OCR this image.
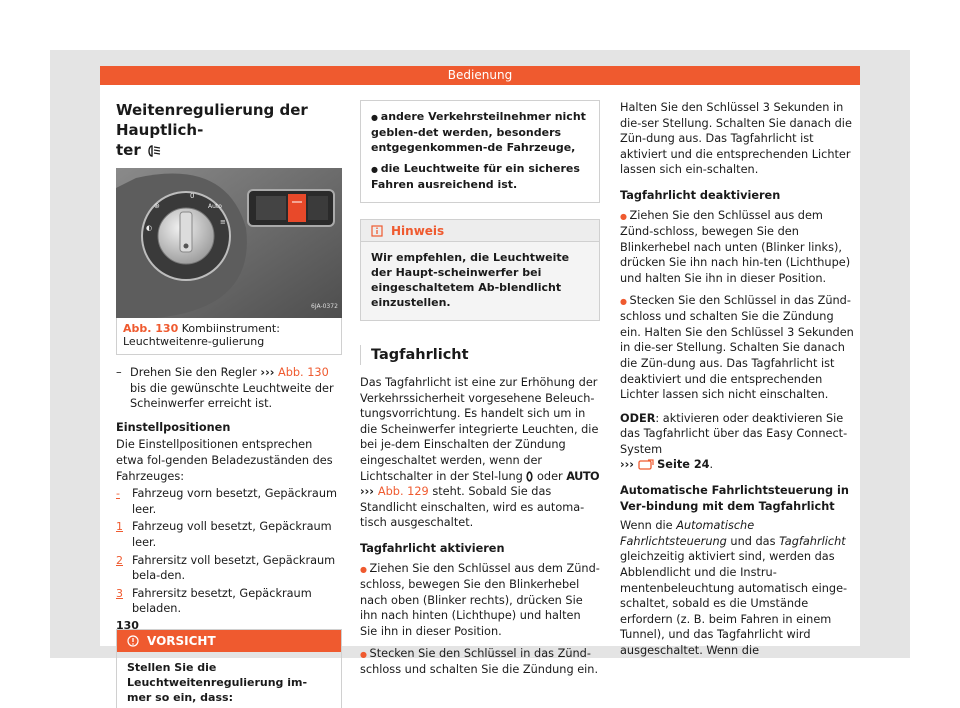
Bedienung
Weitenregulierung der Hauptlich-
ter
0
Auto
⊛
◐
≡
6JA-0372
Abb. 130 Kombiinstrument: Leuchtweitenre-gulierung
– Drehen Sie den Regler ››› Abb. 130 bis die gewünschte Leuchtweite der Scheinwerfer erreicht ist.
Einstellpositionen
Die Einstellpositionen entsprechen etwa fol-genden Beladezuständen des Fahrzeuges:
-	Fahrzeug vorn besetzt, Gepäckraum leer.
1 Fahrzeug voll besetzt, Gepäckraum leer.
2 Fahrersitz voll besetzt, Gepäckraum bela-den.
3 Fahrersitz besetzt, Gepäckraum beladen.
VORSICHT
Stellen Sie die Leuchtweitenregulierung im-mer so ein, dass:
130
● andere Verkehrsteilnehmer nicht geblen-det werden, besonders entgegenkommen-de Fahrzeuge,
● die Leuchtweite für ein sicheres Fahren ausreichend ist.
Hinweis
Wir empfehlen, die Leuchtweite der Haupt-scheinwerfer bei eingeschaltetem Ab-blendlicht einzustellen.
Tagfahrlicht
Das Tagfahrlicht ist eine zur Erhöhung der Verkehrssicherheit vorgesehene Beleuch-tungsvorrichtung. Es handelt sich um in die Scheinwerfer integrierte Leuchten, die bei je-dem Einschalten der Zündung eingeschaltet werden, wenn der Lichtschalter in der Stel-lung  oder AUTO ››› Abb. 129 steht. Sobald Sie das Standlicht einschalten, wird es automa-tisch ausgeschaltet.
Tagfahrlicht aktivieren
● Ziehen Sie den Schlüssel aus dem Zünd-schloss, bewegen Sie den Blinkerhebel nach oben (Blinker rechts), drücken Sie ihn nach hinten (Lichthupe) und halten Sie ihn in dieser Position.
● Stecken Sie den Schlüssel in das Zünd-schloss und schalten Sie die Zündung ein.
Halten Sie den Schlüssel 3 Sekunden in die-ser Stellung. Schalten Sie danach die Zün-dung aus. Das Tagfahrlicht ist aktiviert und die entsprechenden Lichter lassen sich ein-schalten.
Tagfahrlicht deaktivieren
● Ziehen Sie den Schlüssel aus dem Zünd-schloss, bewegen Sie den Blinkerhebel nach unten (Blinker links), drücken Sie ihn nach hin-ten (Lichthupe) und halten Sie ihn in dieser Position.
● Stecken Sie den Schlüssel in das Zünd-schloss und schalten Sie die Zündung ein. Halten Sie den Schlüssel 3 Sekunden in die-ser Stellung. Schalten Sie danach die Zün-dung aus. Das Tagfahrlicht ist deaktiviert und die entsprechenden Lichter lassen sich nicht einschalten.
ODER: aktivieren oder deaktivieren Sie das Tagfahrlicht über das Easy Connect-System
››› Seite 24.
Automatische Fahrlichtsteuerung in Ver-bindung mit dem Tagfahrlicht
Wenn die Automatische Fahrlichtsteuerung und das Tagfahrlicht gleichzeitig aktiviert sind, werden das Abblendlicht und die Instru-mentenbeleuchtung automatisch einge-schaltet, sobald es die Umstände erfordern (z. B. beim Fahren in einem Tunnel), und das Tagfahrlicht wird ausgeschaltet. Wenn die
